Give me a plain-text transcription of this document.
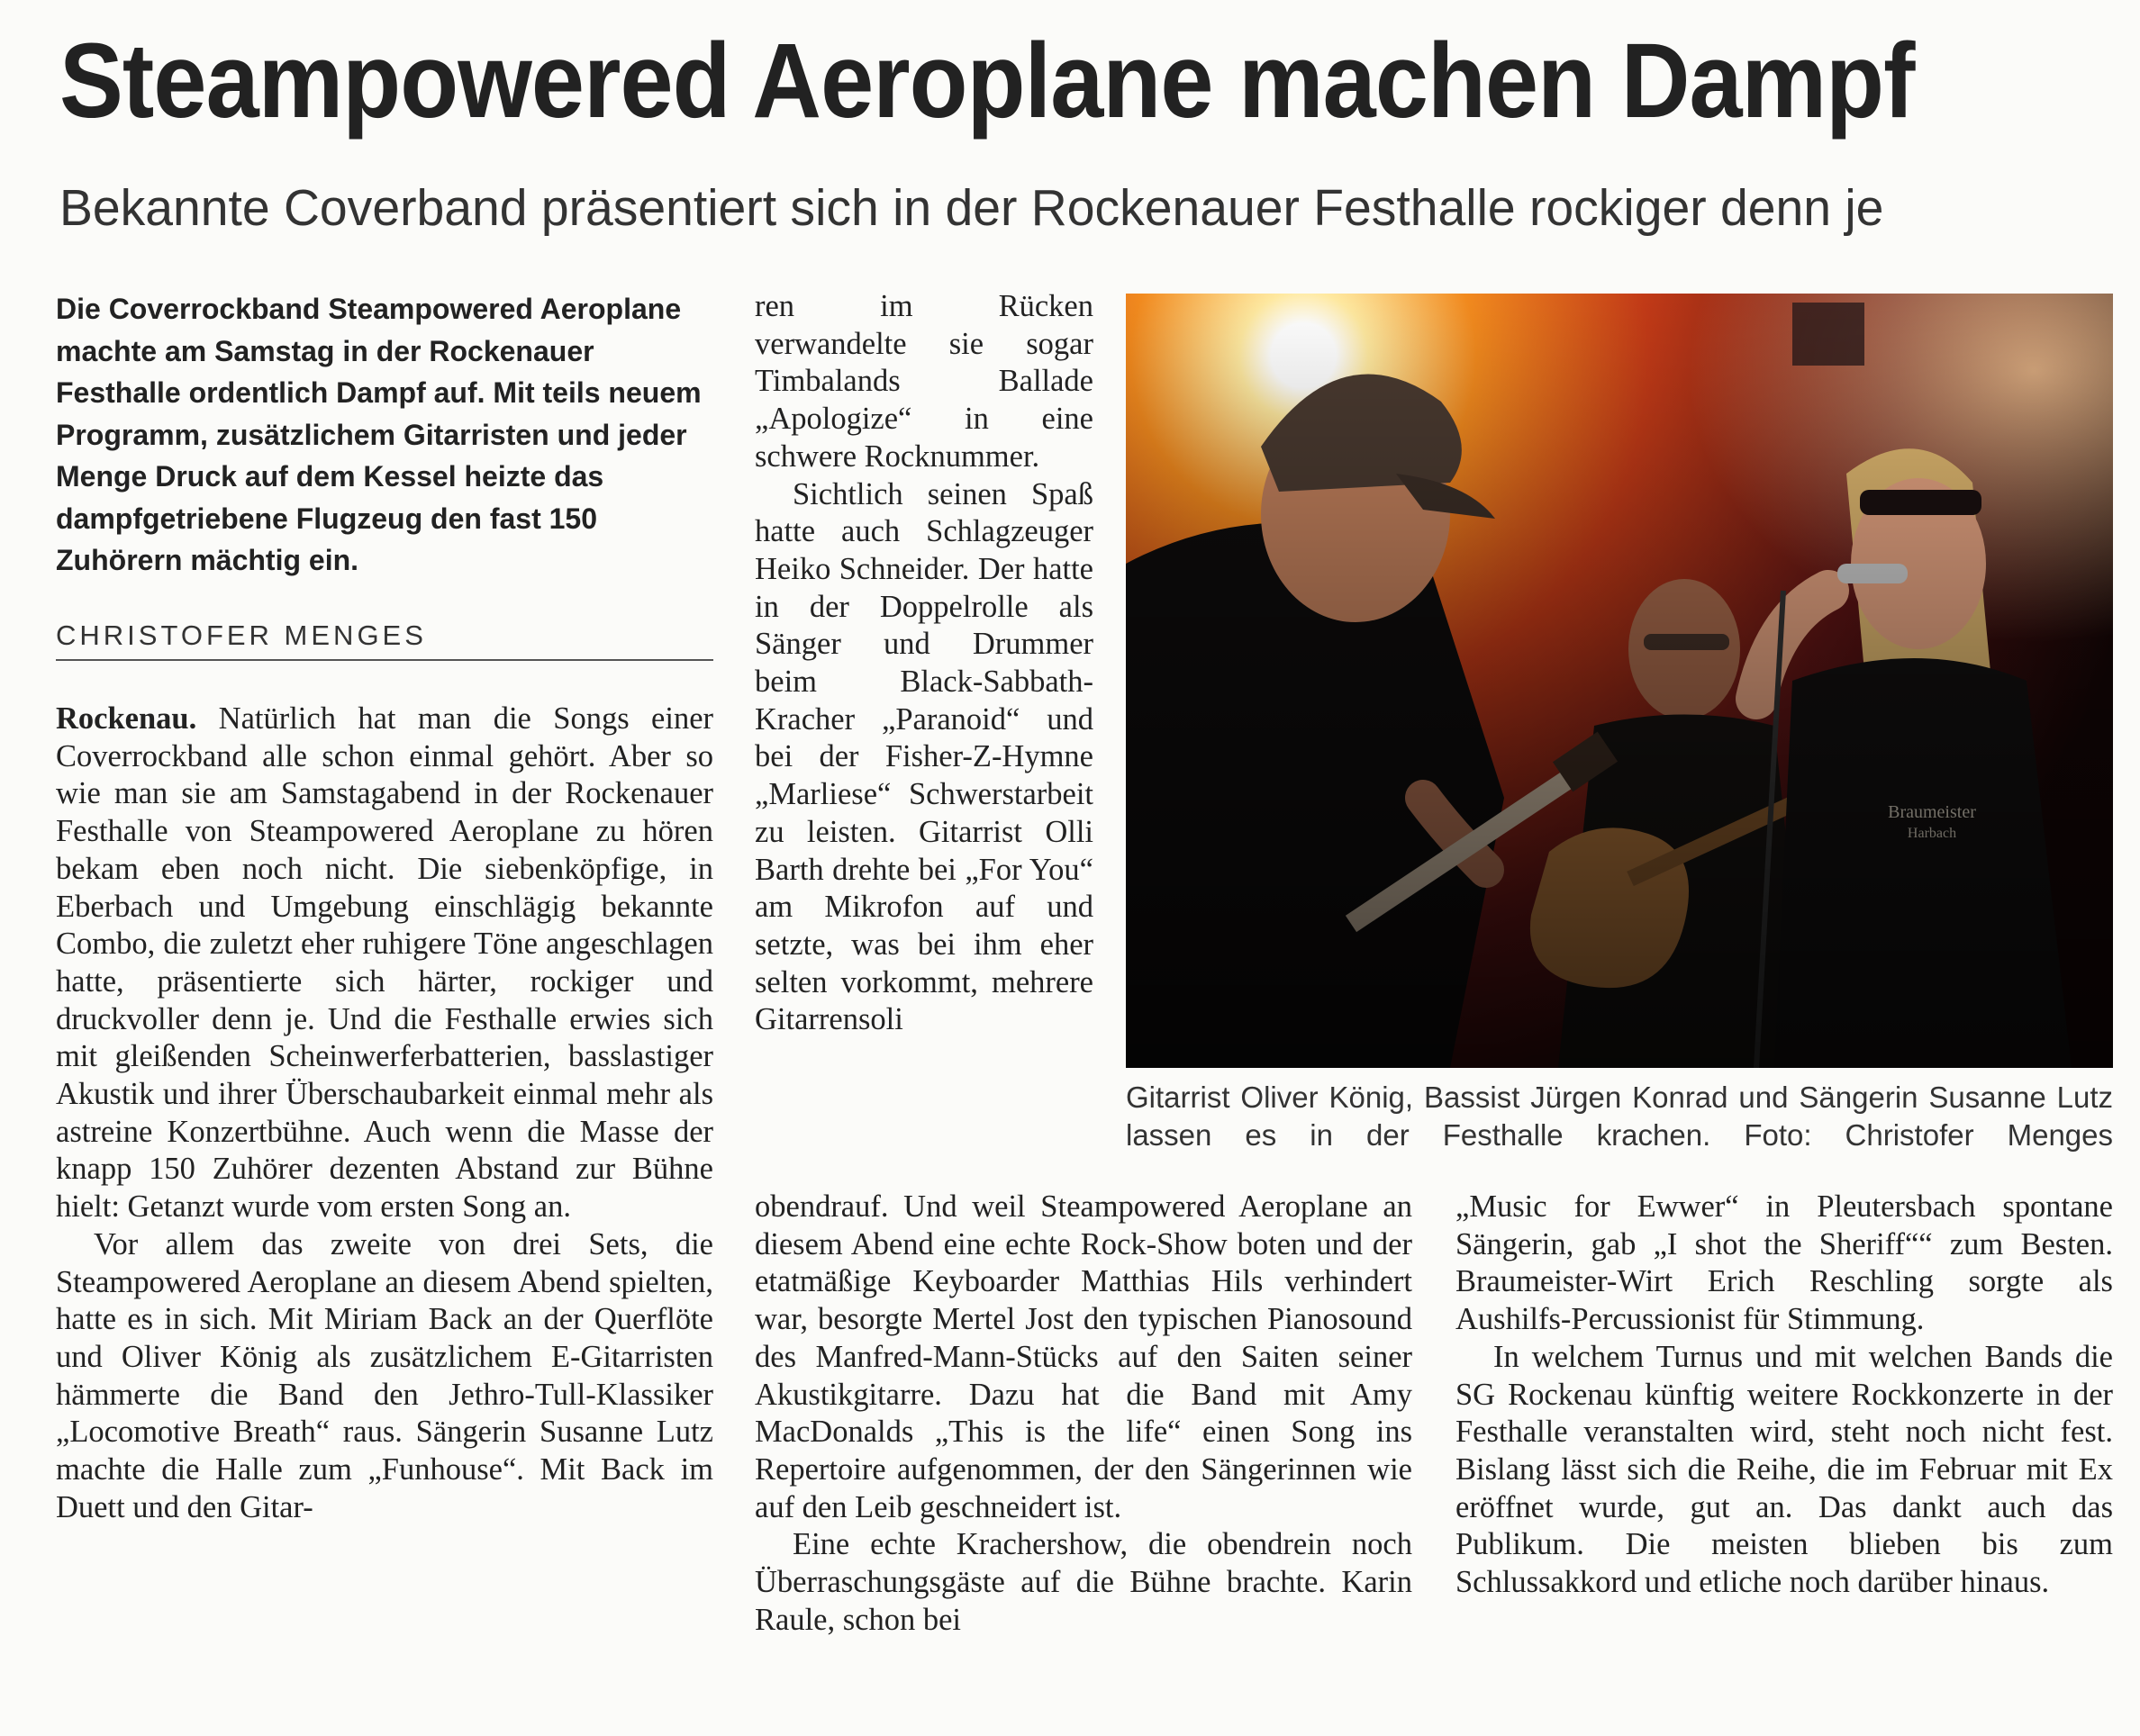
Steampowered Aeroplane machen Dampf
Bekannte Coverband präsentiert sich in der Rockenauer Festhalle rockiger denn je
Die Coverrockband Steampowered Aeroplane machte am Samstag in der Rockenauer Festhalle ordentlich Dampf auf. Mit teils neuem Programm, zusätzlichem Gitarristen und jeder Menge Druck auf dem Kessel heizte das dampfgetriebene Flugzeug den fast 150 Zuhörern mächtig ein.
CHRISTOFER MENGES

Rockenau. Natürlich hat man die Songs einer Coverrockband alle schon einmal gehört. Aber so wie man sie am Samstagabend in der Rockenauer Festhalle von Steampowered Aeroplane zu hören bekam eben noch nicht. Die siebenköpfige, in Eberbach und Umgebung einschlägig bekannte Combo, die zuletzt eher ruhigere Töne angeschlagen hatte, präsentierte sich härter, rockiger und druckvoller denn je. Und die Festhalle erwies sich mit gleißenden Scheinwerferbatterien, basslastiger Akustik und ihrer Überschaubarkeit einmal mehr als astreine Konzertbühne. Auch wenn die Masse der knapp 150 Zuhörer dezenten Abstand zur Bühne hielt: Getanzt wurde vom ersten Song an.

Vor allem das zweite von drei Sets, die Steampowered Aeroplane an diesem Abend spielten, hatte es in sich. Mit Miriam Back an der Querflöte und Oliver König als zusätzlichem E-Gitarristen hämmerte die Band den Jethro-Tull-Klassiker „Locomotive Breath“ raus. Sängerin Susanne Lutz machte die Halle zum „Funhouse“. Mit Back im Duett und den Gitar-

ren im Rücken verwandelte sie sogar Timbalands Ballade „Apologize“ in eine schwere Rocknummer.

Sichtlich seinen Spaß hatte auch Schlagzeuger Heiko Schneider. Der hatte in der Doppelrolle als Sänger und Drummer beim Black-Sabbath-Kracher „Paranoid“ und bei der Fisher-Z-Hymne „Marliese“ Schwerstarbeit zu leisten. Gitarrist Olli Barth drehte bei „For You“ am Mikrofon auf und setzte, was bei ihm eher selten vorkommt, mehrere Gitarrensoli

Gitarrist Oliver König, Bassist Jürgen Konrad und Sängerin Susanne Lutz lassen es in der Festhalle krachen. Foto: Christofer Menges

obendrauf. Und weil Steampowered Aeroplane an diesem Abend eine echte Rock-Show boten und der etatmäßige Keyboarder Matthias Hils verhindert war, besorgte Mertel Jost den typischen Pianosound des Manfred-Mann-Stücks auf den Saiten seiner Akustikgitarre. Dazu hat die Band mit Amy MacDonalds „This is the life“ einen Song ins Repertoire aufgenommen, der den Sängerinnen wie auf den Leib geschneidert ist.

Eine echte Krachershow, die obendrein noch Überraschungsgäste auf die Bühne brachte. Karin Raule, schon bei

„Music for Ewwer“ in Pleutersbach spontane Sängerin, gab „I shot the Sheriff““ zum Besten. Braumeister-Wirt Erich Reschling sorgte als Aushilfs-Percussionist für Stimmung.

In welchem Turnus und mit welchen Bands die SG Rockenau künftig weitere Rockkonzerte in der Festhalle veranstalten wird, steht noch nicht fest. Bislang lässt sich die Reihe, die im Februar mit Ex eröffnet wurde, gut an. Das dankt auch das Publikum. Die meisten blieben bis zum Schlussakkord und etliche noch darüber hinaus.
